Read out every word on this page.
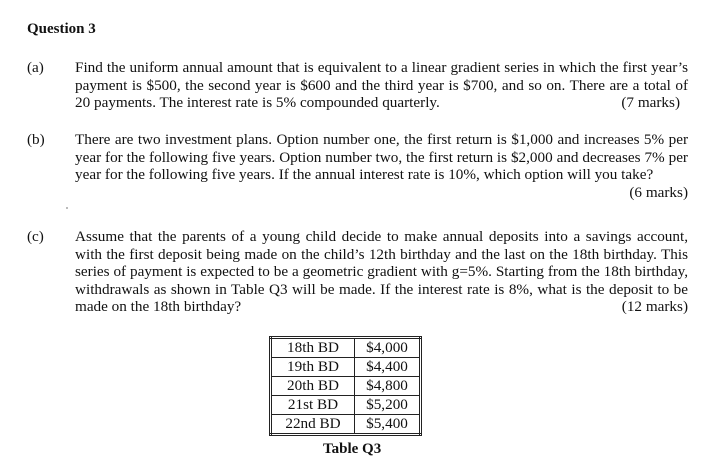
Question 3
(a) Find the uniform annual amount that is equivalent to a linear gradient series in which the first year’s payment is $500, the second year is $600 and the third year is $700, and so on. There are a total of 20 payments. The interest rate is 5% compounded quarterly.	(7 marks)
(b) There are two investment plans. Option number one, the first return is $1,000 and increases 5% per year for the following five years. Option number two, the first return is $2,000 and decreases 7% per year for the following five years. If the annual interest rate is 10%, which option will you take?
(6 marks)
(c) Assume that the parents of a young child decide to make annual deposits into a savings account, with the first deposit being made on the child’s 12th birthday and the last on the 18th birthday. This series of payment is expected to be a geometric gradient with g=5%. Starting from the 18th birthday, withdrawals as shown in Table Q3 will be made. If the interest rate is 8%, what is the deposit to be made on the 18th birthday?	(12 marks)
18th BD	$4,000
19th BD	$4,400
20th BD	$4,800
21st BD	$5,200
22nd BD	$5,400

Table Q3
